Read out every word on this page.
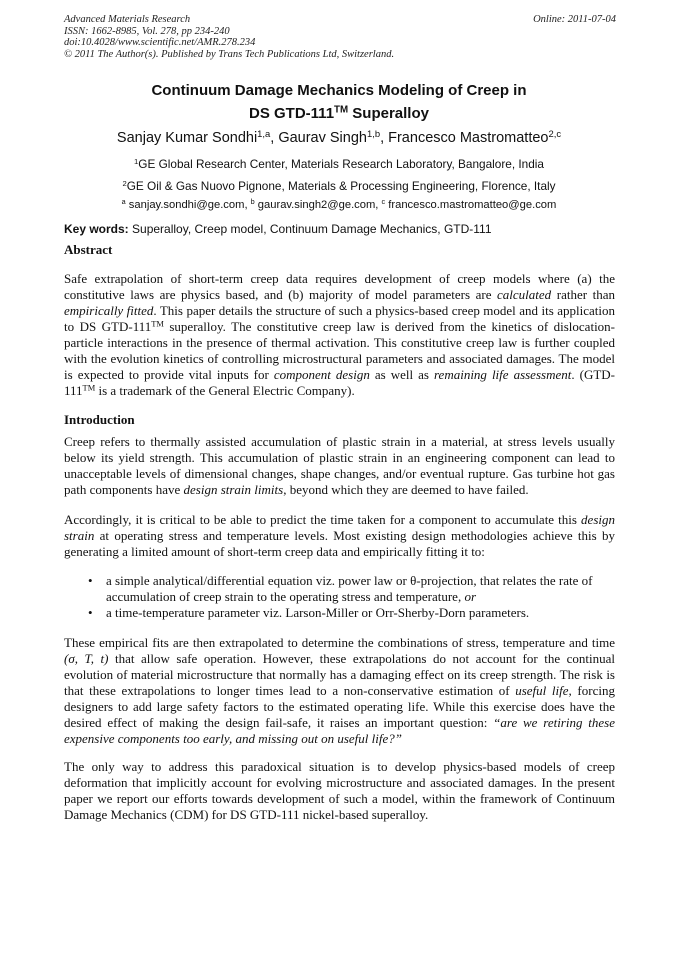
Advanced Materials Research
ISSN: 1662-8985, Vol. 278, pp 234-240
doi:10.4028/www.scientific.net/AMR.278.234
© 2011 The Author(s). Published by Trans Tech Publications Ltd, Switzerland.
Online: 2011-07-04
Continuum Damage Mechanics Modeling of Creep in
DS GTD-111™ Superalloy
Sanjay Kumar Sondhi$^{1,a}$, Gaurav Singh$^{1,b}$, Francesco Mastromatteo$^{2,c}$
$^1$GE Global Research Center, Materials Research Laboratory, Bangalore, India
$^2$GE Oil & Gas Nuovo Pignone, Materials & Processing Engineering, Florence, Italy
$^a$ sanjay.sondhi@ge.com, $^b$ gaurav.singh2@ge.com, $^c$ francesco.mastromatteo@ge.com
Key words: Superalloy, Creep model, Continuum Damage Mechanics, GTD-111
Abstract
Safe extrapolation of short-term creep data requires development of creep models where (a) the constitutive laws are physics based, and (b) majority of model parameters are calculated rather than empirically fitted. This paper details the structure of such a physics-based creep model and its application to DS GTD-111™ superalloy. The constitutive creep law is derived from the kinetics of dislocation-particle interactions in the presence of thermal activation. This constitutive creep law is further coupled with the evolution kinetics of controlling microstructural parameters and associated damages. The model is expected to provide vital inputs for component design as well as remaining life assessment. (GTD-111™ is a trademark of the General Electric Company).
Introduction
Creep refers to thermally assisted accumulation of plastic strain in a material, at stress levels usually below its yield strength. This accumulation of plastic strain in an engineering component can lead to unacceptable levels of dimensional changes, shape changes, and/or eventual rupture. Gas turbine hot gas path components have design strain limits, beyond which they are deemed to have failed.
Accordingly, it is critical to be able to predict the time taken for a component to accumulate this design strain at operating stress and temperature levels. Most existing design methodologies achieve this by generating a limited amount of short-term creep data and empirically fitting it to:
•	a simple analytical/differential equation viz. power law or θ-projection, that relates the rate of accumulation of creep strain to the operating stress and temperature, or
•	a time-temperature parameter viz. Larson-Miller or Orr-Sherby-Dorn parameters.
These empirical fits are then extrapolated to determine the combinations of stress, temperature and time (σ, T, t) that allow safe operation. However, these extrapolations do not account for the continual evolution of material microstructure that normally has a damaging effect on its creep strength. The risk is that these extrapolations to longer times lead to a non-conservative estimation of useful life, forcing designers to add large safety factors to the estimated operating life. While this exercise does have the desired effect of making the design fail-safe, it raises an important question: “are we retiring these expensive components too early, and missing out on useful life?”
The only way to address this paradoxical situation is to develop physics-based models of creep deformation that implicitly account for evolving microstructure and associated damages. In the present paper we report our efforts towards development of such a model, within the framework of Continuum Damage Mechanics (CDM) for DS GTD-111 nickel-based superalloy.
